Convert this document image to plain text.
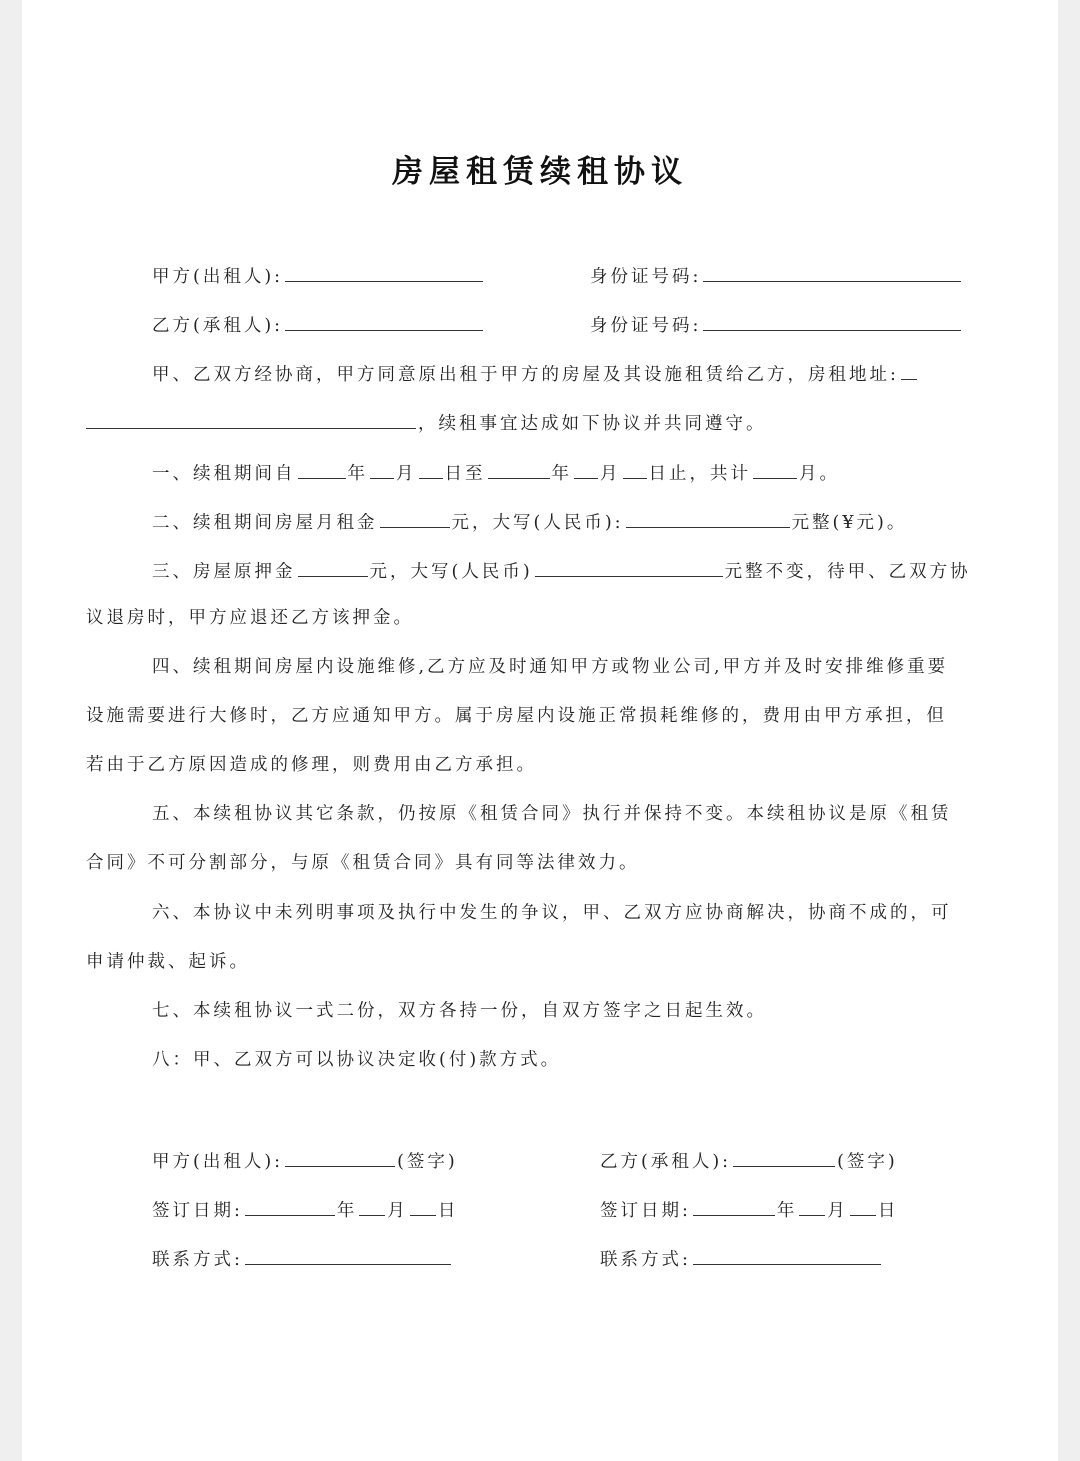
房屋租赁续租协议
甲方(出租人):	身份证号码:
乙方(承租人):	身份证号码:
甲、乙双方经协商，甲方同意原出租于甲方的房屋及其设施租赁给乙方，房租地址:
，续租事宜达成如下协议并共同遵守。
一、续租期间自	年 月 日至	年 月 日止，共计	月。
二、续租期间房屋月租金	元，大写(人民币):	元整(¥元)。
三、房屋原押金	元，大写(人民币)	元整不变，待甲、乙双方协
议退房时，甲方应退还乙方该押金。
四、续租期间房屋内设施维修,乙方应及时通知甲方或物业公司,甲方并及时安排维修重要
设施需要进行大修时，乙方应通知甲方。属于房屋内设施正常损耗维修的，费用由甲方承担，但
若由于乙方原因造成的修理，则费用由乙方承担。
五、本续租协议其它条款，仍按原《租赁合同》执行并保持不变。本续租协议是原《租赁
合同》不可分割部分，与原《租赁合同》具有同等法律效力。
六、本协议中未列明事项及执行中发生的争议，甲、乙双方应协商解决，协商不成的，可
申请仲裁、起诉。
七、本续租协议一式二份，双方各持一份，自双方签字之日起生效。
八：甲、乙双方可以协议决定收(付)款方式。
甲方(出租人):	(签字)	乙方(承租人):	(签字)
签订日期:	年 月 日	签订日期:	年 月 日
联系方式:	联系方式:
